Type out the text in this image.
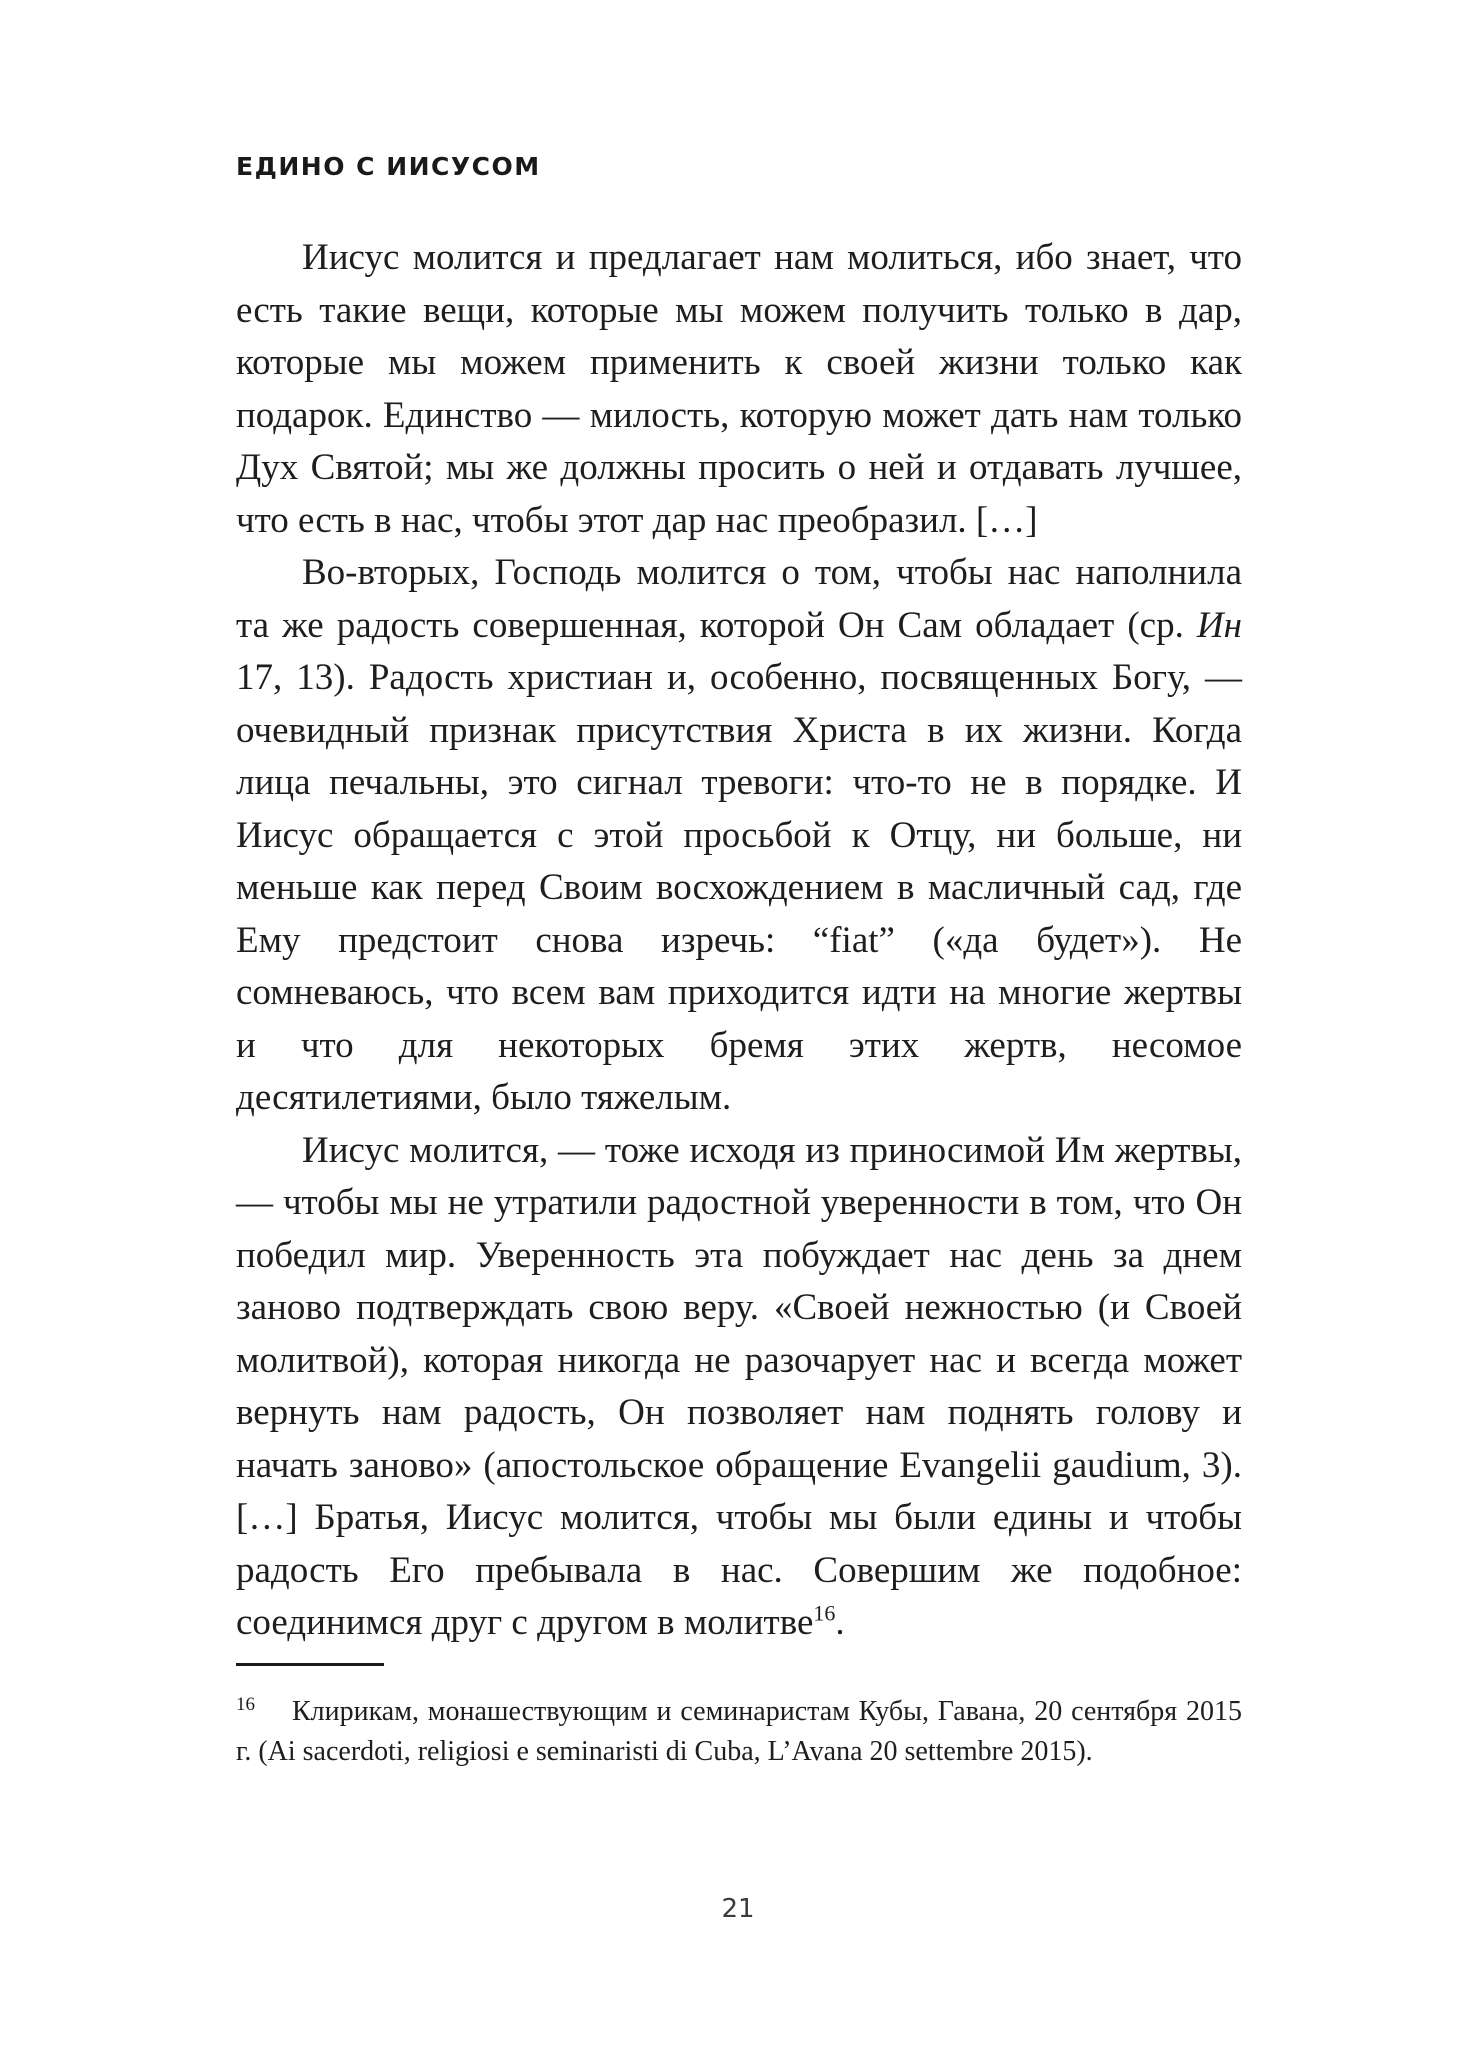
ЕДИНО С ИИСУСОМ

Иисус молится и предлагает нам молиться, ибо знает, что есть такие вещи, которые мы можем получить только в дар, которые мы можем применить к своей жизни только как подарок. Единство — милость, которую может дать нам только Дух Святой; мы же должны просить о ней и отдавать лучшее, что есть в нас, чтобы этот дар нас преобразил. […]

Во-вторых, Господь молится о том, чтобы нас наполнила та же радость совершенная, которой Он Сам обладает (ср. Ин 17, 13). Радость христиан и, особенно, посвященных Богу, — очевидный признак присутствия Христа в их жизни. Когда лица печальны, это сигнал тревоги: что-то не в порядке. И Иисус обращается с этой просьбой к Отцу, ни больше, ни меньше как перед Своим восхождением в масличный сад, где Ему предстоит снова изречь: “fiat” («да будет»). Не сомневаюсь, что всем вам приходится идти на многие жертвы и что для некоторых бремя этих жертв, несомое десятилетиями, было тяжелым.

Иисус молится, — тоже исходя из приносимой Им жертвы, — чтобы мы не утратили радостной уверенности в том, что Он победил мир. Уверенность эта побуждает нас день за днем заново подтверждать свою веру. «Своей нежностью (и Своей молитвой), которая никогда не разочарует нас и всегда может вернуть нам радость, Он позволяет нам поднять голову и начать заново» (апостольское обращение Evangelii gaudium, 3). […] Братья, Иисус молится, чтобы мы были едины и чтобы радость Его пребывала в нас. Совершим же подобное: соединимся друг с другом в молитве$^{16}$.

16 Клирикам, монашествующим и семинаристам Кубы, Гавана, 20 сентября 2015 г. (Ai sacerdoti, religiosi e seminaristi di Cuba, L’Avana 20 settembre 2015).
21
